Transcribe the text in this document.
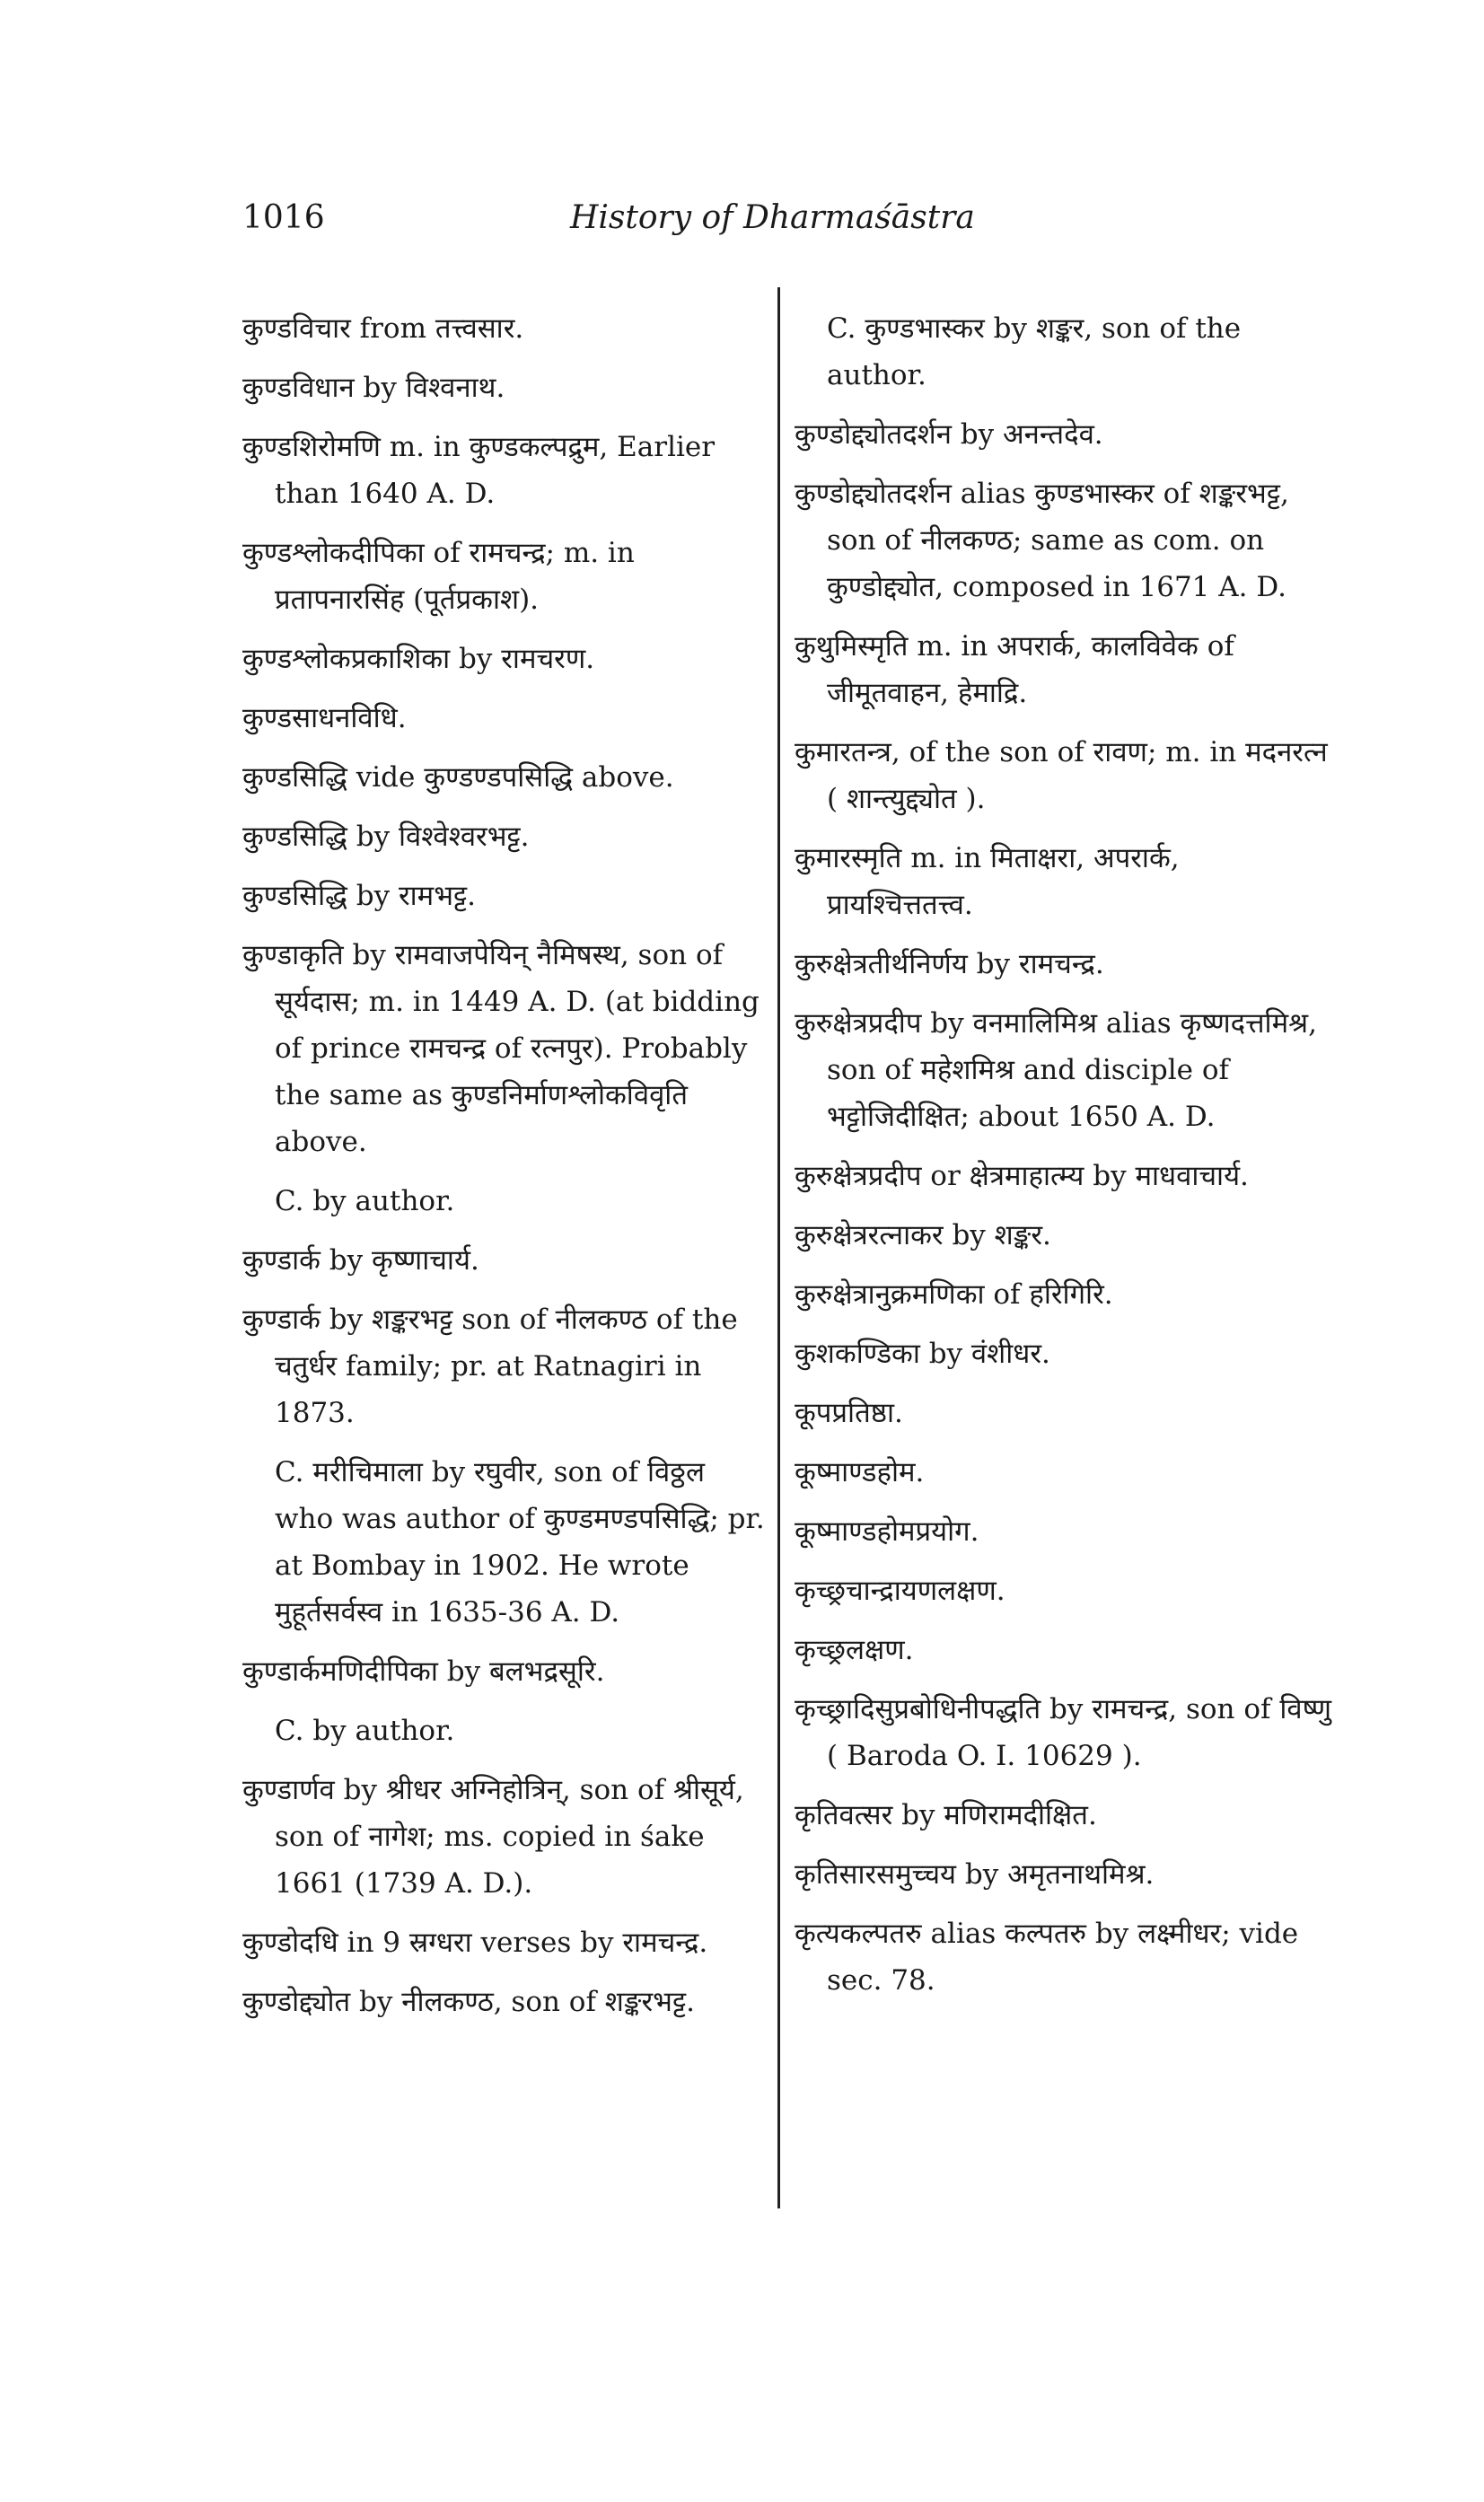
1016	History of Dharmaśāstra
कुण्डविचार from तत्त्वसार.
कुण्डविधान by विश्वनाथ.
कुण्डशिरोमणि m. in कुण्डकल्पद्रुम, Earlier than 1640 A. D.
कुण्डश्लोकदीपिका of रामचन्द्र; m. in प्रतापनारसिंह (पूर्तप्रकाश).
कुण्डश्लोकप्रकाशिका by रामचरण.
कुण्डसाधनविधि.
कुण्डसिद्धि vide कुण्डण्डपसिद्धि above.
कुण्डसिद्धि by विश्वेश्वरभट्ट.
कुण्डसिद्धि by रामभट्ट.
कुण्डाकृति by रामवाजपेयिन् नैमिषस्थ, son of सूर्यदास; m. in 1449 A. D. (at bidding of prince रामचन्द्र of रत्नपुर). Probably the same as कुण्डनिर्माणश्लोकविवृति above.
C. by author.
कुण्डार्क by कृष्णाचार्य.
कुण्डार्क by शङ्करभट्ट son of नीलकण्ठ of the चतुर्धर family; pr. at Ratnagiri in 1873.
C. मरीचिमाला by रघुवीर, son of विठ्ठल who was author of कुण्डमण्डपसिद्धि; pr. at Bombay in 1902. He wrote मुहूर्तसर्वस्व in 1635-36 A. D.
कुण्डार्कमणिदीपिका by बलभद्रसूरि.
C. by author.
कुण्डार्णव by श्रीधर अग्निहोत्रिन्, son of श्रीसूर्य, son of नागेश; ms. copied in śake 1661 (1739 A. D.).
कुण्डोदधि in 9 स्रग्धरा verses by रामचन्द्र.
कुण्डोद्द्योत by नीलकण्ठ, son of शङ्करभट्ट.
C. कुण्डभास्कर by शङ्कर, son of the author.
कुण्डोद्द्योतदर्शन by अनन्तदेव.
कुण्डोद्द्योतदर्शन alias कुण्डभास्कर of शङ्करभट्ट, son of नीलकण्ठ; same as com. on कुण्डोद्द्योत, composed in 1671 A. D.
कुथुमिस्मृति m. in अपरार्क, कालविवेक of जीमूतवाहन, हेमाद्रि.
कुमारतन्त्र, of the son of रावण; m. in मदनरत्न ( शान्त्युद्द्योत ).
कुमारस्मृति m. in मिताक्षरा, अपरार्क, प्रायश्चित्ततत्त्व.
कुरुक्षेत्रतीर्थनिर्णय by रामचन्द्र.
कुरुक्षेत्रप्रदीप by वनमालिमिश्र alias कृष्णदत्तमिश्र, son of महेशमिश्र and disciple of भट्टोजिदीक्षित; about 1650 A. D.
कुरुक्षेत्रप्रदीप or क्षेत्रमाहात्म्य by माधवाचार्य.
कुरुक्षेत्ररत्नाकर by शङ्कर.
कुरुक्षेत्रानुक्रमणिका of हरिगिरि.
कुशकण्डिका by वंशीधर.
कूपप्रतिष्ठा.
कूष्माण्डहोम.
कूष्माण्डहोमप्रयोग.
कृच्छ्रचान्द्रायणलक्षण.
कृच्छ्रलक्षण.
कृच्छ्रादिसुप्रबोधिनीपद्धति by रामचन्द्र, son of विष्णु ( Baroda O. I. 10629 ).
कृतिवत्सर by मणिरामदीक्षित.
कृतिसारसमुच्चय by अमृतनाथमिश्र.
कृत्यकल्पतरु alias कल्पतरु by लक्ष्मीधर; vide sec. 78.
